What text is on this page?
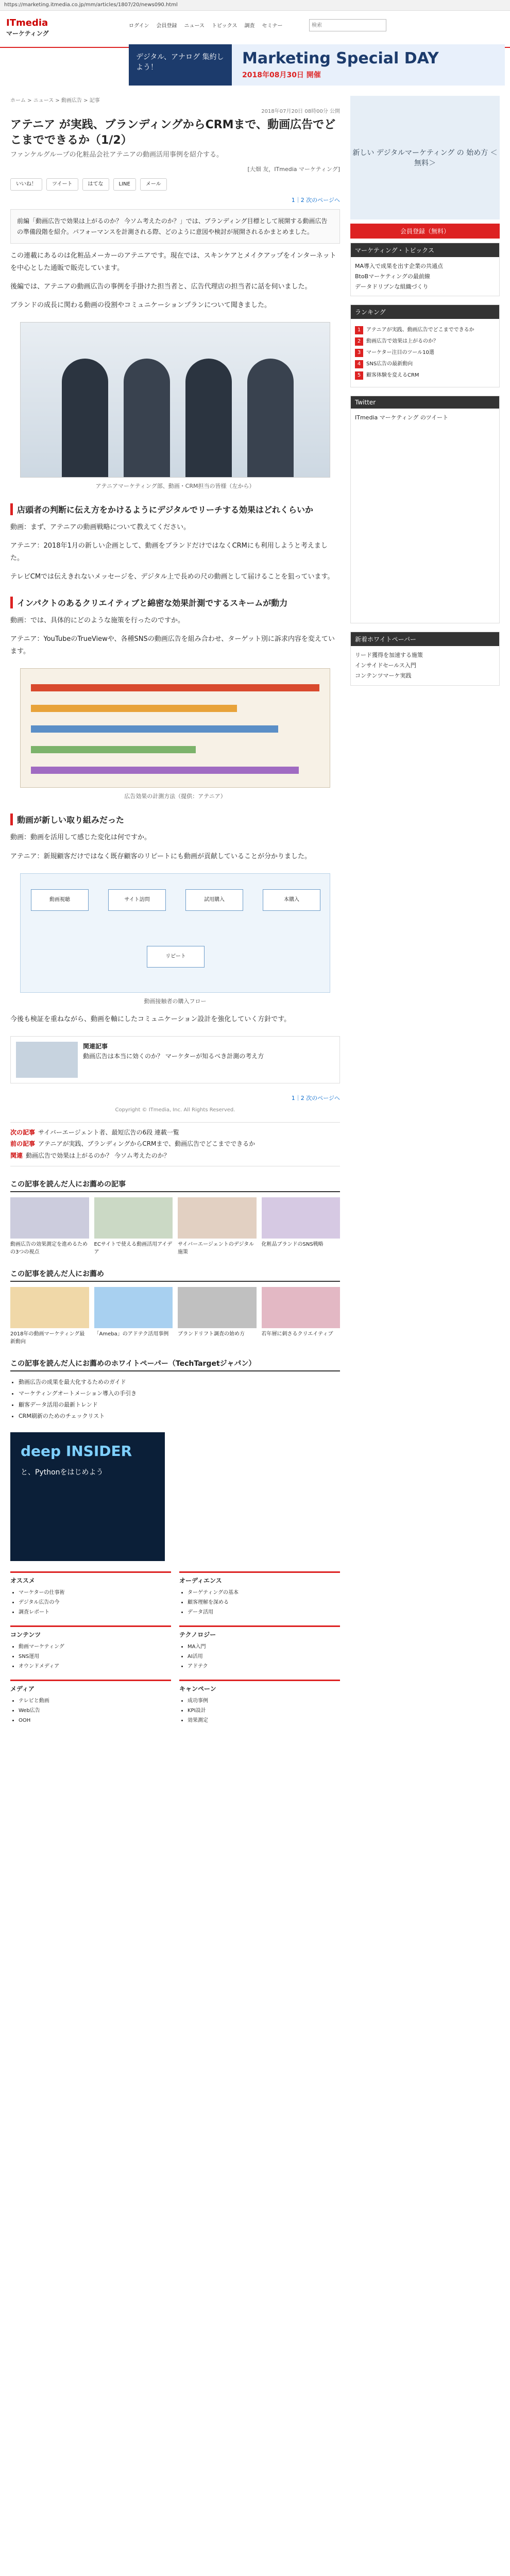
https://marketing.itmedia.co.jp/mm/articles/1807/20/news090.html
ITmedia
マーケティング
ログイン 会員登録 ニュース トピックス 調査 セミナー
検索
デジタル、アナログ 集約しよう！	Marketing Special DAY

2018年08月30日 開催

ホーム > ニュース > 動画広告 > 記事
2018年07月20日 08時00分 公開
アテニア が実践、ブランディングからCRMまで、動画広告でどこまでできるか（1/2）
ファンケルグループの化粧品会社アテニアの動画活用事例を紹介する。
[大畑 友，ITmedia マーケティング]
いいね！	ツイート	はてな	LINE	メール
1｜2 次のページへ
前編「動画広告で効果は上がるのか？ 今ソム考えたのか？」では、ブランディング目標として展開する動画広告の準備段階を紹介。パフォーマンスを計測される際、どのように意図や検討が展開されるかまとめました。

この連載にあるのは化粧品メーカーのアテニアです。現在では、スキンケアとメイクアップをインターネットを中心とした通販で販売しています。

後編では、アテニアの動画広告の事例を手掛けた担当者と、広告代理店の担当者に話を伺いました。

ブランドの成長に関わる動画の役割やコミュニケーションプランについて聞きました。

アテニアマーケティング部、動画・CRM担当の皆様（左から）
店頭者の判断に伝え方をかけるようにデジタルでリーチする効果はどれくらいか

動画：まず、アテニアの動画戦略について教えてください。

アテニア：2018年1月の新しい企画として、動画をブランドだけではなくCRMにも利用しようと考えました。

テレビCMでは伝えきれないメッセージを、デジタル上で長めの尺の動画として届けることを狙っています。

インパクトのあるクリエイティブと綿密な効果計測でするスキームが動力

動画：では、具体的にどのような施策を行ったのですか。

アテニア：YouTubeのTrueViewや、各種SNSの動画広告を組み合わせ、ターゲット別に訴求内容を変えています。

広告効果の計測方法（提供：アテニア）
動画が新しい取り組みだった

動画：動画を活用して感じた変化は何ですか。

アテニア：新規顧客だけではなく既存顧客のリピートにも動画が貢献していることが分かりました。

動画視聴	サイト訪問	試用購入	本購入
リピート
動画接触者の購入フロー

今後も検証を重ねながら、動画を軸にしたコミュニケーション設計を強化していく方針です。

関連記事
動画広告は本当に効くのか？ マーケターが知るべき計測の考え方
1｜2 次のページへ
Copyright © ITmedia, Inc. All Rights Reserved.
次の記事 サイバーエージェント者、最短広告の6段 連載一覧
前の記事 アテニアが実践、ブランディングからCRMまで、動画広告でどこまでできるか
関連 動画広告で効果は上がるのか？ 今ソム考えたのか？
この記事を読んだ人にお薦めの記事
動画広告の効果測定を進めるための3つの視点
ECサイトで使える動画活用アイデア
サイバーエージェントのデジタル施策
化粧品ブランドのSNS戦略
この記事を読んだ人にお薦め
2018年の動画マーケティング最新動向
「Ameba」のアドテク活用事例	ブランドリフト調査の始め方	若年層に刺さるクリエイティブ
この記事を読んだ人にお薦めのホワイトペーパー（TechTargetジャパン）
• 動画広告の成果を最大化するためのガイド
• マーケティングオートメーション導入の手引き
• 顧客データ活用の最新トレンド
• CRM刷新のためのチェックリスト
deep INSIDER

と、Pythonをはじめよう

オススメ
• マーケターの仕事術
• デジタル広告の今
• 調査レポート
オーディエンス
• ターゲティングの基本
• 顧客理解を深める
• データ活用
コンテンツ
• 動画マーケティング
• SNS運用
• オウンドメディア
テクノロジー
• MA入門
• AI活用
• アドテク
メディア
• テレビと動画
• Web広告
• OOH
キャンペーン
• 成功事例
• KPI設計
• 効果測定
新しい デジタルマーケティング の 始め方 ＜無料＞
会員登録（無料）
マーケティング・トピックス
MA導入で成果を出す企業の共通点
BtoBマーケティングの最前線
データドリブンな組織づくり
ランキング
1	アテニアが実践、動画広告でどこまでできるか
2	動画広告で効果は上がるのか？
3	マーケター注目のツール10選
4	SNS広告の最新動向
5	顧客体験を変えるCRM
Twitter
ITmedia マーケティング のツイート
新着ホワイトペーパー
リード獲得を加速する施策
インサイドセールス入門
コンテンツマーケ実践
